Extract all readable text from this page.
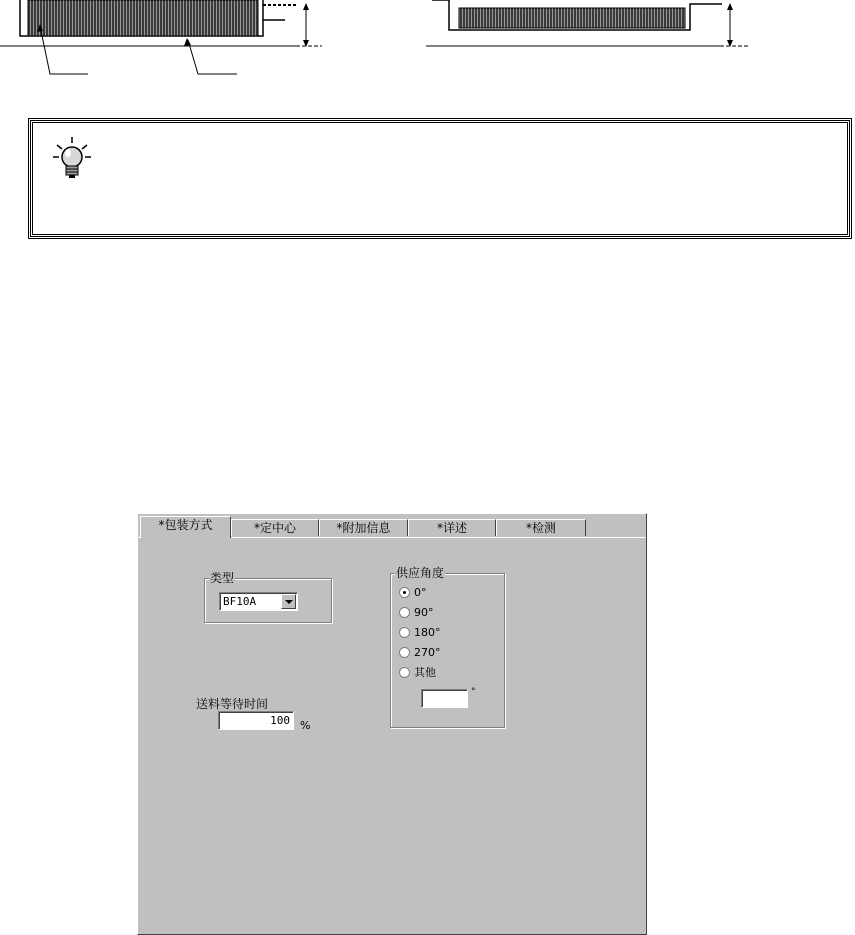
*包装方式	*定中心	*附加信息	*详述	*检测
类型
BF10A
送料等待时间
100 %
供应角度
0°
90°
180°
270°
其他
°
